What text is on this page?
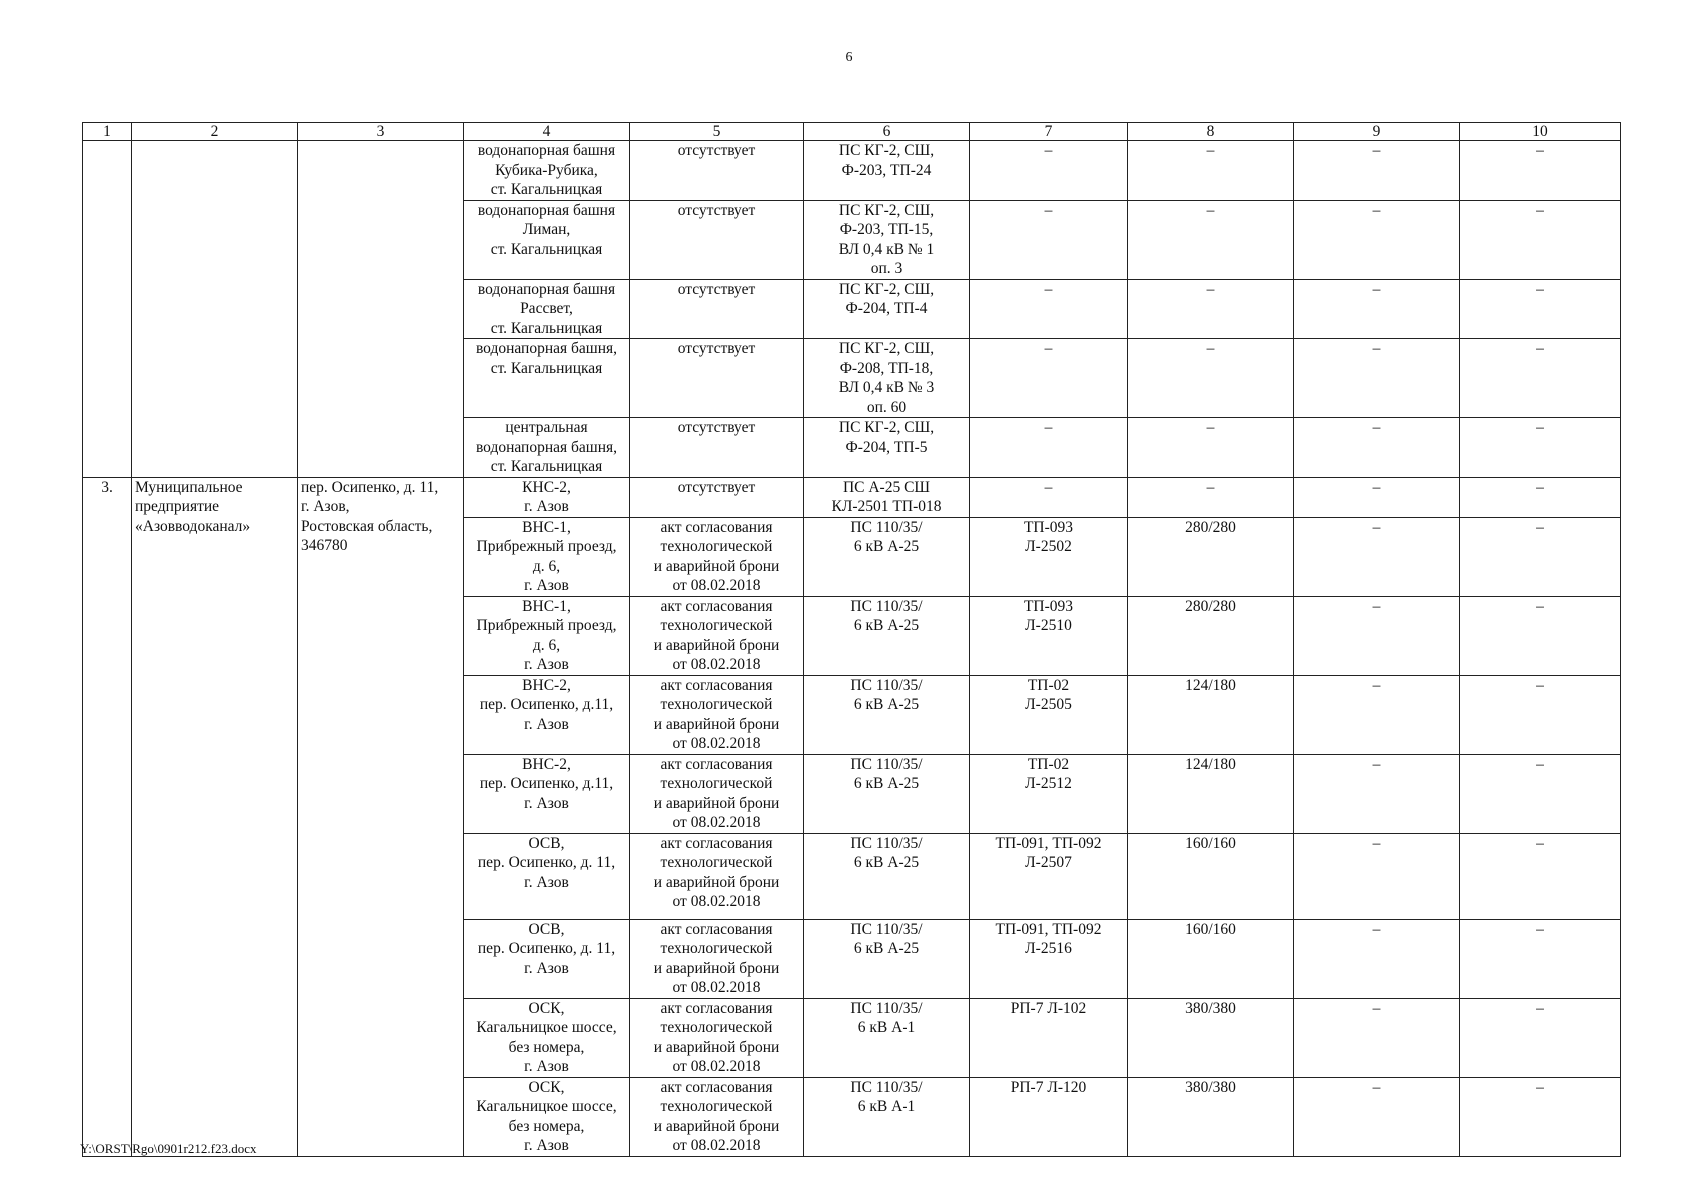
6
1	2	3	4	5	6	7	8	9	10
			водонапорная башня
Кубика-Рубика,
ст. Кагальницкая	отсутствует	ПС КГ-2, СШ,
Ф-203, ТП-24	–	–	–	–
			водонапорная башня
Лиман,
ст. Кагальницкая	отсутствует	ПС КГ-2, СШ,
Ф-203, ТП-15,
ВЛ 0,4 кВ № 1
оп. 3	–	–	–	–
			водонапорная башня
Рассвет,
ст. Кагальницкая	отсутствует	ПС КГ-2, СШ,
Ф-204, ТП-4	–	–	–	–
			водонапорная башня,
ст. Кагальницкая	отсутствует	ПС КГ-2, СШ,
Ф-208, ТП-18,
ВЛ 0,4 кВ № 3
оп. 60	–	–	–	–
			центральная
водонапорная башня,
ст. Кагальницкая	отсутствует	ПС КГ-2, СШ,
Ф-204, ТП-5	–	–	–	–
3.	Муниципальное
предприятие
«Азовводоканал»	пер. Осипенко, д. 11,
г. Азов,
Ростовская область,
346780	КНС-2,
г. Азов	отсутствует	ПС А-25 СШ
КЛ-2501 ТП-018	–	–	–	–
			ВНС-1,
Прибрежный проезд,
д. 6,
г. Азов	акт согласования
технологической
и аварийной брони
от 08.02.2018	ПС 110/35/
6 кВ А-25	ТП-093
Л-2502	280/280	–	–
			ВНС-1,
Прибрежный проезд,
д. 6,
г. Азов	акт согласования
технологической
и аварийной брони
от 08.02.2018	ПС 110/35/
6 кВ А-25	ТП-093
Л-2510	280/280	–	–
			ВНС-2,
пер. Осипенко, д.11,
г. Азов	акт согласования
технологической
и аварийной брони
от 08.02.2018	ПС 110/35/
6 кВ А-25	ТП-02
Л-2505	124/180	–	–
			ВНС-2,
пер. Осипенко, д.11,
г. Азов	акт согласования
технологической
и аварийной брони
от 08.02.2018	ПС 110/35/
6 кВ А-25	ТП-02
Л-2512	124/180	–	–
			ОСВ,
пер. Осипенко, д. 11,
г. Азов	акт согласования
технологической
и аварийной брони
от 08.02.2018	ПС 110/35/
6 кВ А-25	ТП-091, ТП-092
Л-2507	160/160	–	–
			ОСВ,
пер. Осипенко, д. 11,
г. Азов	акт согласования
технологической
и аварийной брони
от 08.02.2018	ПС 110/35/
6 кВ А-25	ТП-091, ТП-092
Л-2516	160/160	–	–
			ОСК,
Кагальницкое шоссе,
без номера,
г. Азов	акт согласования
технологической
и аварийной брони
от 08.02.2018	ПС 110/35/
6 кВ А-1	РП-7 Л-102	380/380	–	–
			ОСК,
Кагальницкое шоссе,
без номера,
г. Азов	акт согласования
технологической
и аварийной брони
от 08.02.2018	ПС 110/35/
6 кВ А-1	РП-7 Л-120	380/380	–	–
Y:\ORST\Rgo\0901r212.f23.docx
